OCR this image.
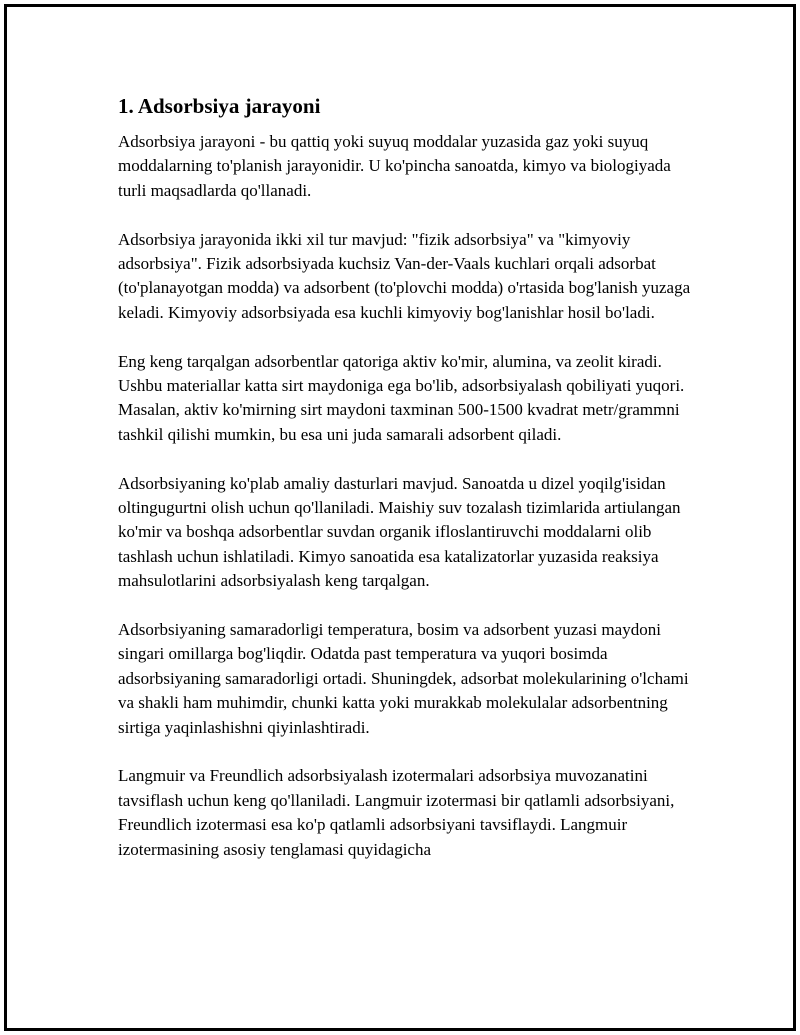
1. Adsorbsiya jarayoni

Adsorbsiya jarayoni - bu qattiq yoki suyuq moddalar yuzasida gaz yoki suyuq moddalarning to'planish jarayonidir. U ko'pincha sanoatda, kimyo va biologiyada turli maqsadlarda qo'llanadi.

Adsorbsiya jarayonida ikki xil tur mavjud: "fizik adsorbsiya" va "kimyoviy adsorbsiya". Fizik adsorbsiyada kuchsiz Van-der-Vaals kuchlari orqali adsorbat (to'planayotgan modda) va adsorbent (to'plovchi modda) o'rtasida bog'lanish yuzaga keladi. Kimyoviy adsorbsiyada esa kuchli kimyoviy bog'lanishlar hosil bo'ladi.

Eng keng tarqalgan adsorbentlar qatoriga aktiv ko'mir, alumina, va zeolit kiradi. Ushbu materiallar katta sirt maydoniga ega bo'lib, adsorbsiyalash qobiliyati yuqori. Masalan, aktiv ko'mirning sirt maydoni taxminan 500-1500 kvadrat metr/grammni tashkil qilishi mumkin, bu esa uni juda samarali adsorbent qiladi.

Adsorbsiyaning ko'plab amaliy dasturlari mavjud. Sanoatda u dizel yoqilg'isidan oltingugurtni olish uchun qo'llaniladi. Maishiy suv tozalash tizimlarida artiulangan ko'mir va boshqa adsorbentlar suvdan organik ifloslantiruvchi moddalarni olib tashlash uchun ishlatiladi. Kimyo sanoatida esa katalizatorlar yuzasida reaksiya mahsulotlarini adsorbsiyalash keng tarqalgan.

Adsorbsiyaning samaradorligi temperatura, bosim va adsorbent yuzasi maydoni singari omillarga bog'liqdir. Odatda past temperatura va yuqori bosimda adsorbsiyaning samaradorligi ortadi. Shuningdek, adsorbat molekularining o'lchami va shakli ham muhimdir, chunki katta yoki murakkab molekulalar adsorbentning sirtiga yaqinlashishni qiyinlashtiradi.

Langmuir va Freundlich adsorbsiyalash izotermalari adsorbsiya muvozanatini tavsiflash uchun keng qo'llaniladi. Langmuir izotermasi bir qatlamli adsorbsiyani, Freundlich izotermasi esa ko'p qatlamli adsorbsiyani tavsiflaydi. Langmuir izotermasining asosiy tenglamasi quyidagicha
